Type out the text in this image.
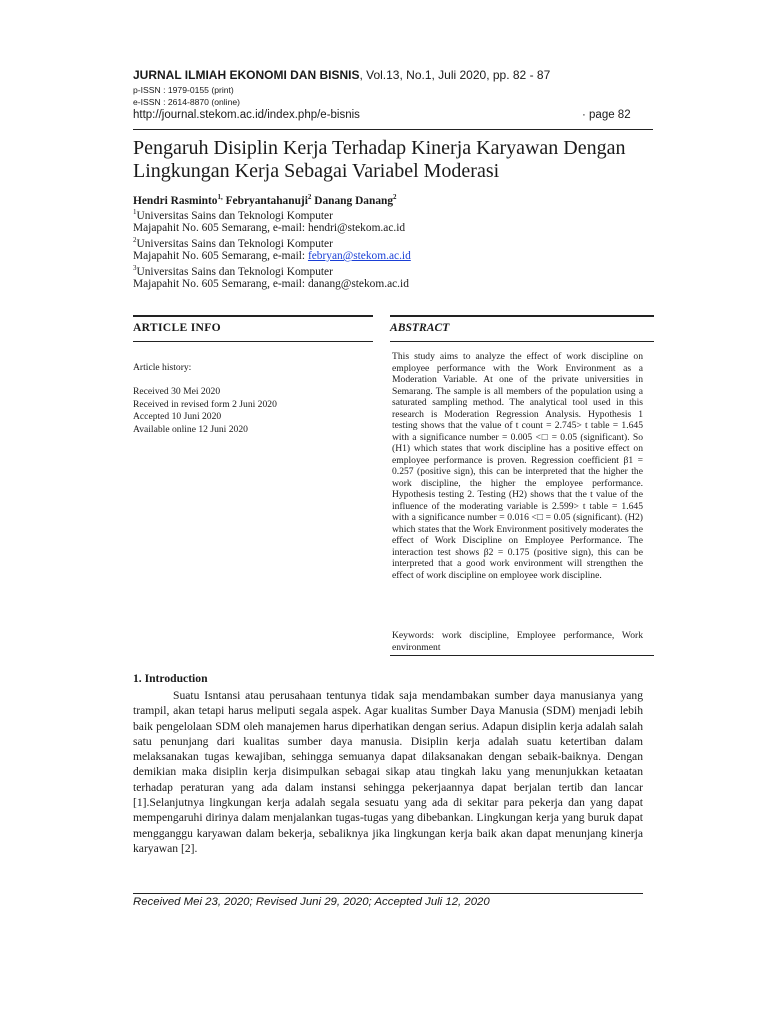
JURNAL ILMIAH EKONOMI DAN BISNIS, Vol.13, No.1, Juli 2020, pp. 82 - 87
p-ISSN : 1979-0155 (print)
e-ISSN : 2614-8870 (online)
http://journal.stekom.ac.id/index.php/e-bisnis	· page 82
Pengaruh Disiplin Kerja Terhadap Kinerja Karyawan Dengan Lingkungan Kerja Sebagai Variabel Moderasi
Hendri Rasminto$^{1,}$ Febryantahanuji$^2$ Danang Danang$^2$
$^1$Universitas Sains dan Teknologi Komputer
Majapahit No. 605 Semarang, e-mail: hendri@stekom.ac.id
$^2$Universitas Sains dan Teknologi Komputer
Majapahit No. 605 Semarang, e-mail: febryan@stekom.ac.id
$^3$Universitas Sains dan Teknologi Komputer
Majapahit No. 605 Semarang, e-mail: danang@stekom.ac.id
ARTICLE INFO	ABSTRACT
Article history:
Received 30 Mei 2020
Received in revised form 2 Juni 2020
Accepted 10 Juni 2020
Available online 12 Juni 2020
This study aims to analyze the effect of work discipline on employee performance with the Work Environment as a Moderation Variable. At one of the private universities in Semarang. The sample is all members of the population using a saturated sampling method. The analytical tool used in this research is Moderation Regression Analysis. Hypothesis 1 testing shows that the value of t count = 2.745> t table = 1.645 with a significance number = 0.005 <□ = 0.05 (significant). So (H1) which states that work discipline has a positive effect on employee performance is proven. Regression coefficient β1 = 0.257 (positive sign), this can be interpreted that the higher the work discipline, the higher the employee performance. Hypothesis testing 2. Testing (H2) shows that the t value of the influence of the moderating variable is 2.599> t table = 1.645 with a significance number = 0.016 <□ = 0.05 (significant). (H2) which states that the Work Environment positively moderates the effect of Work Discipline on Employee Performance. The interaction test shows β2 = 0.175 (positive sign), this can be interpreted that a good work environment will strengthen the effect of work discipline on employee work discipline.
Keywords: work discipline, Employee performance, Work environment
1. Introduction
Suatu Isntansi atau perusahaan tentunya tidak saja mendambakan sumber daya manusianya yang trampil, akan tetapi harus meliputi segala aspek. Agar kualitas Sumber Daya Manusia (SDM) menjadi lebih baik pengelolaan SDM oleh manajemen harus diperhatikan dengan serius. Adapun disiplin kerja adalah salah satu penunjang dari kualitas sumber daya manusia. Disiplin kerja adalah suatu ketertiban dalam melaksanakan tugas kewajiban, sehingga semuanya dapat dilaksanakan dengan sebaik-baiknya. Dengan demikian maka disiplin kerja disimpulkan sebagai sikap atau tingkah laku yang menunjukkan ketaatan terhadap peraturan yang ada dalam instansi sehingga pekerjaannya dapat berjalan tertib dan lancar [1].Selanjutnya lingkungan kerja adalah segala sesuatu yang ada di sekitar para pekerja dan yang dapat mempengaruhi dirinya dalam menjalankan tugas-tugas yang dibebankan. Lingkungan kerja yang buruk dapat mengganggu karyawan dalam bekerja, sebaliknya jika lingkungan kerja baik akan dapat menunjang kinerja karyawan [2].
Received Mei 23, 2020; Revised Juni 29, 2020; Accepted Juli 12, 2020
